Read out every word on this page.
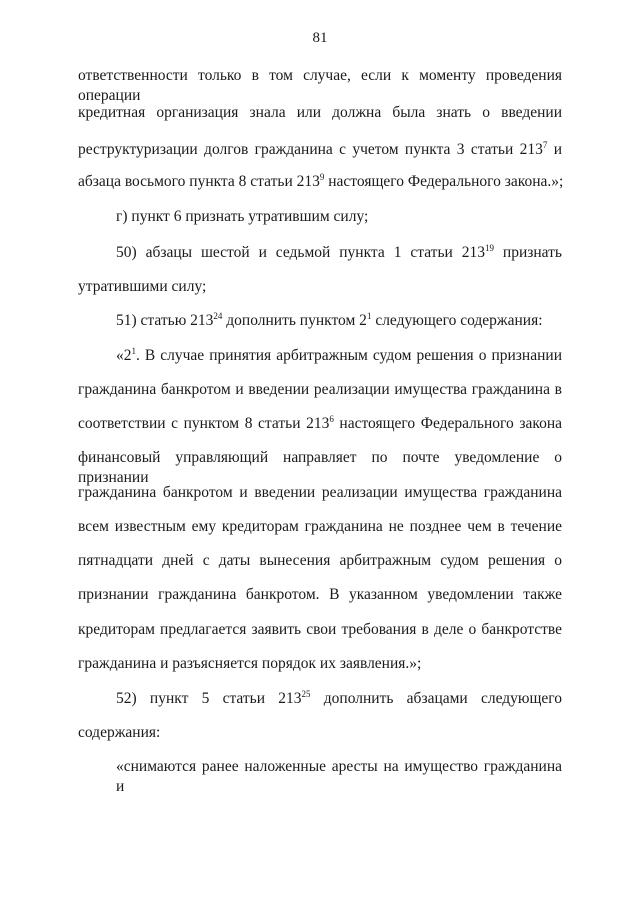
81
ответственности только в том случае, если к моменту проведения операции
кредитная организация знала или должна была знать о введении
реструктуризации долгов гражданина с учетом пункта 3 статьи $213^7$ и
абзаца восьмого пункта 8 статьи $213^9$ настоящего Федерального закона.»;
г) пункт 6 признать утратившим силу;
50) абзацы шестой и седьмой пункта 1 статьи $213^{19}$ признать
утратившими силу;
51) статью $213^{24}$ дополнить пунктом $2^1$ следующего содержания:
«$2^1$. В случае принятия арбитражным судом решения о признании
гражданина банкротом и введении реализации имущества гражданина в
соответствии с пунктом 8 статьи $213^6$ настоящего Федерального закона
финансовый управляющий направляет по почте уведомление о признании
гражданина банкротом и введении реализации имущества гражданина
всем известным ему кредиторам гражданина не позднее чем в течение
пятнадцати дней с даты вынесения арбитражным судом решения о
признании гражданина банкротом. В указанном уведомлении также
кредиторам предлагается заявить свои требования в деле о банкротстве
гражданина и разъясняется порядок их заявления.»;
52) пункт 5 статьи $213^{25}$ дополнить абзацами следующего
содержания:
«снимаются ранее наложенные аресты на имущество гражданина и
